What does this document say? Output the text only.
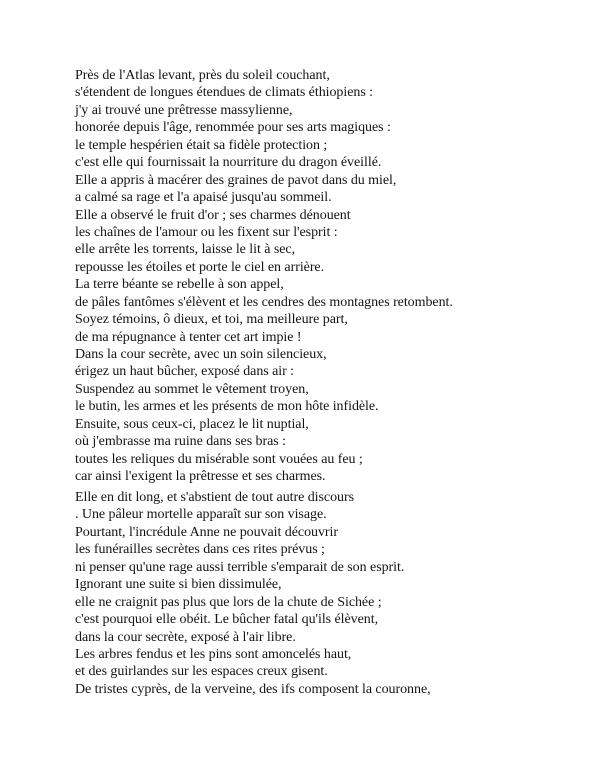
Près de l'Atlas levant, près du soleil couchant,
s'étendent de longues étendues de climats éthiopiens :
j'y ai trouvé une prêtresse massylienne,
honorée depuis l'âge, renommée pour ses arts magiques :
le temple hespérien était sa fidèle protection ;
c'est elle qui fournissait la nourriture du dragon éveillé.
Elle a appris à macérer des graines de pavot dans du miel,
a calmé sa rage et l'a apaisé jusqu'au sommeil.
Elle a observé le fruit d'or ; ses charmes dénouent
les chaînes de l'amour ou les fixent sur l'esprit :
elle arrête les torrents, laisse le lit à sec,
repousse les étoiles et porte le ciel en arrière.
La terre béante se rebelle à son appel,
de pâles fantômes s'élèvent et les cendres des montagnes retombent.
Soyez témoins, ô dieux, et toi, ma meilleure part,
de ma répugnance à tenter cet art impie !
Dans la cour secrète, avec un soin silencieux,
érigez un haut bûcher, exposé dans air :
Suspendez au sommet le vêtement troyen,
le butin, les armes et les présents de mon hôte infidèle.
Ensuite, sous ceux-ci, placez le lit nuptial,
où j'embrasse ma ruine dans ses bras :
toutes les reliques du misérable sont vouées au feu ;
car ainsi l'exigent la prêtresse et ses charmes.
Elle en dit long, et s'abstient de tout autre discours
. Une pâleur mortelle apparaît sur son visage.
Pourtant, l'incrédule Anne ne pouvait découvrir
les funérailles secrètes dans ces rites prévus ;
ni penser qu'une rage aussi terrible s'emparait de son esprit.
Ignorant une suite si bien dissimulée,
elle ne craignit pas plus que lors de la chute de Sichée ;
c'est pourquoi elle obéit. Le bûcher fatal qu'ils élèvent,
dans la cour secrète, exposé à l'air libre.
Les arbres fendus et les pins sont amoncelés haut,
et des guirlandes sur les espaces creux gisent.
De tristes cyprès, de la verveine, des ifs composent la couronne,
